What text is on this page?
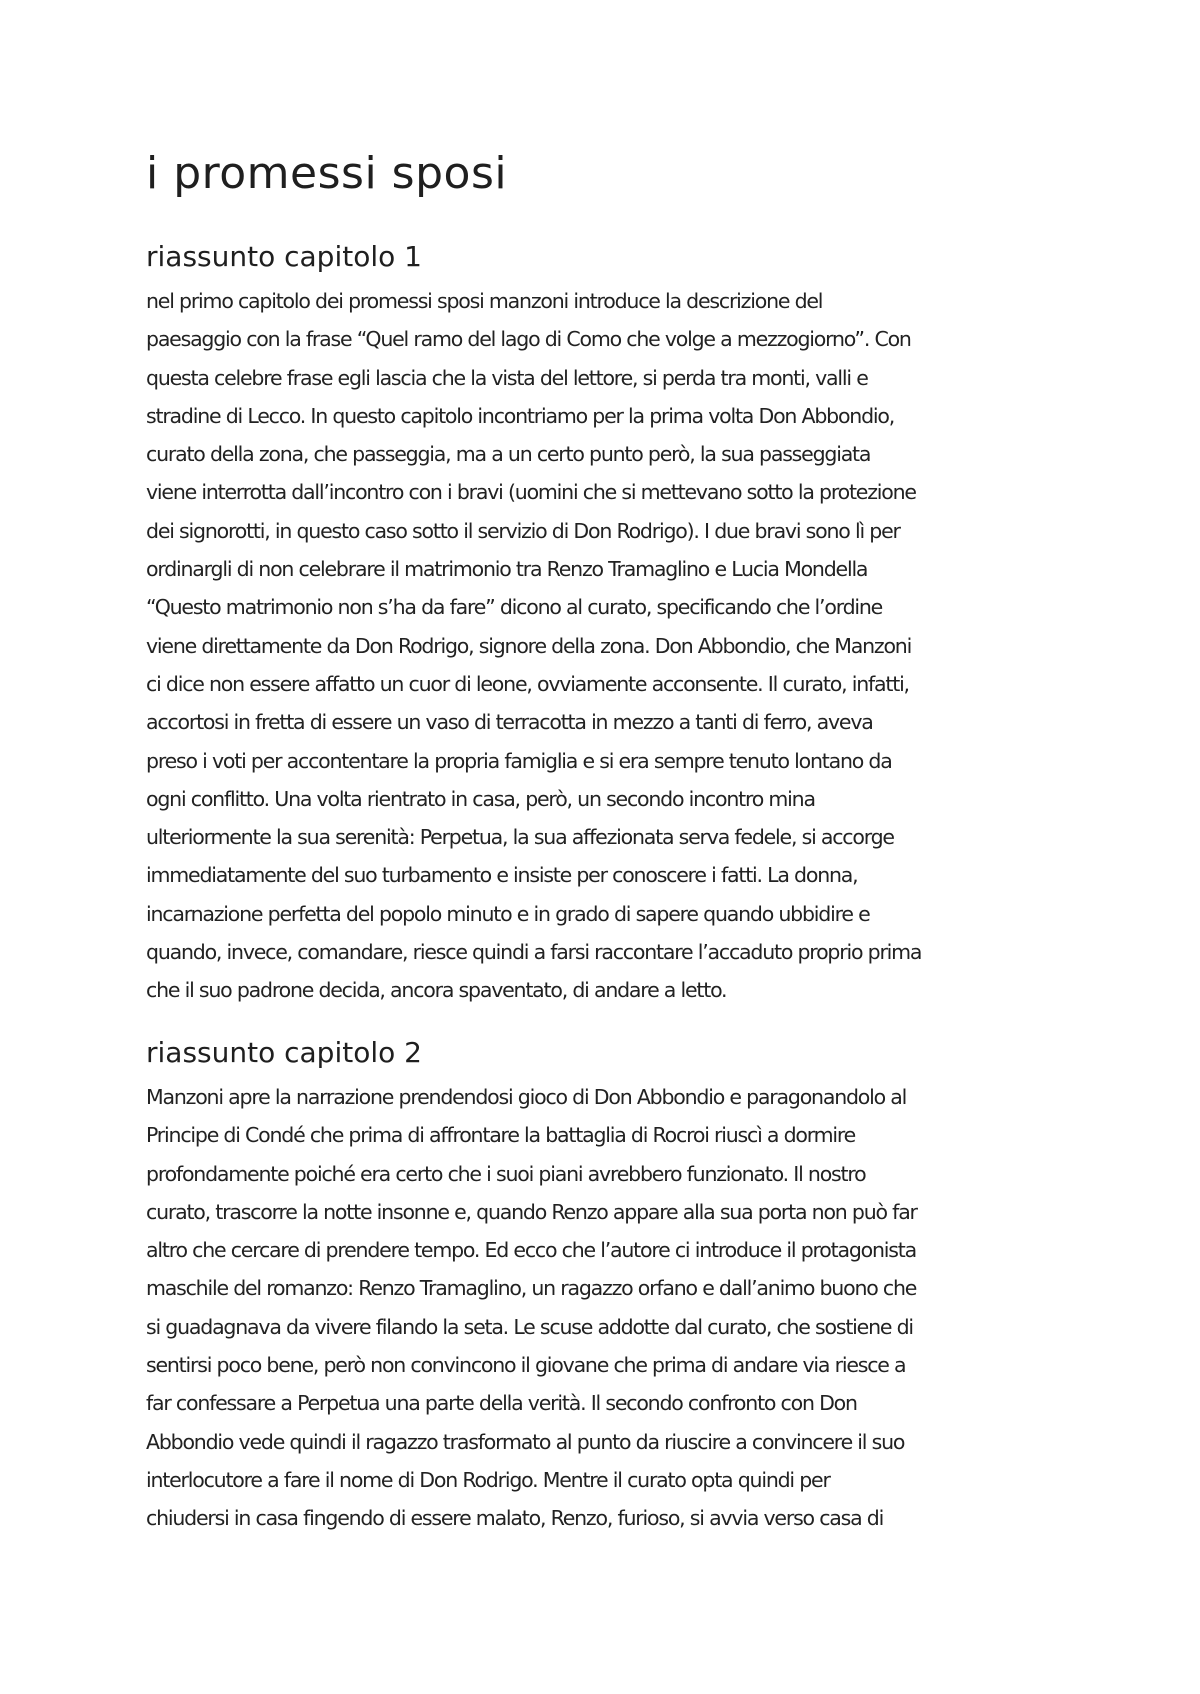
i promessi sposi
riassunto capitolo 1
nel primo capitolo dei promessi sposi manzoni introduce la descrizione del
paesaggio con la frase “Quel ramo del lago di Como che volge a mezzogiorno”. Con
questa celebre frase egli lascia che la vista del lettore, si perda tra monti, valli e
stradine di Lecco. In questo capitolo incontriamo per la prima volta Don Abbondio,
curato della zona, che passeggia, ma a un certo punto però, la sua passeggiata
viene interrotta dall’incontro con i bravi (uomini che si mettevano sotto la protezione
dei signorotti, in questo caso sotto il servizio di Don Rodrigo). I due bravi sono lì per
ordinargli di non celebrare il matrimonio tra Renzo Tramaglino e Lucia Mondella
“Questo matrimonio non s’ha da fare” dicono al curato, specificando che l’ordine
viene direttamente da Don Rodrigo, signore della zona. Don Abbondio, che Manzoni
ci dice non essere affatto un cuor di leone, ovviamente acconsente. Il curato, infatti,
accortosi in fretta di essere un vaso di terracotta in mezzo a tanti di ferro, aveva
preso i voti per accontentare la propria famiglia e si era sempre tenuto lontano da
ogni conflitto. Una volta rientrato in casa, però, un secondo incontro mina
ulteriormente la sua serenità: Perpetua, la sua affezionata serva fedele, si accorge
immediatamente del suo turbamento e insiste per conoscere i fatti. La donna,
incarnazione perfetta del popolo minuto e in grado di sapere quando ubbidire e
quando, invece, comandare, riesce quindi a farsi raccontare l’accaduto proprio prima
che il suo padrone decida, ancora spaventato, di andare a letto.
riassunto capitolo 2
Manzoni apre la narrazione prendendosi gioco di Don Abbondio e paragonandolo al
Principe di Condé che prima di affrontare la battaglia di Rocroi riuscì a dormire
profondamente poiché era certo che i suoi piani avrebbero funzionato. Il nostro
curato, trascorre la notte insonne e, quando Renzo appare alla sua porta non può far
altro che cercare di prendere tempo. Ed ecco che l’autore ci introduce il protagonista
maschile del romanzo: Renzo Tramaglino, un ragazzo orfano e dall’animo buono che
si guadagnava da vivere filando la seta. Le scuse addotte dal curato, che sostiene di
sentirsi poco bene, però non convincono il giovane che prima di andare via riesce a
far confessare a Perpetua una parte della verità. Il secondo confronto con Don
Abbondio vede quindi il ragazzo trasformato al punto da riuscire a convincere il suo
interlocutore a fare il nome di Don Rodrigo. Mentre il curato opta quindi per
chiudersi in casa fingendo di essere malato, Renzo, furioso, si avvia verso casa di
